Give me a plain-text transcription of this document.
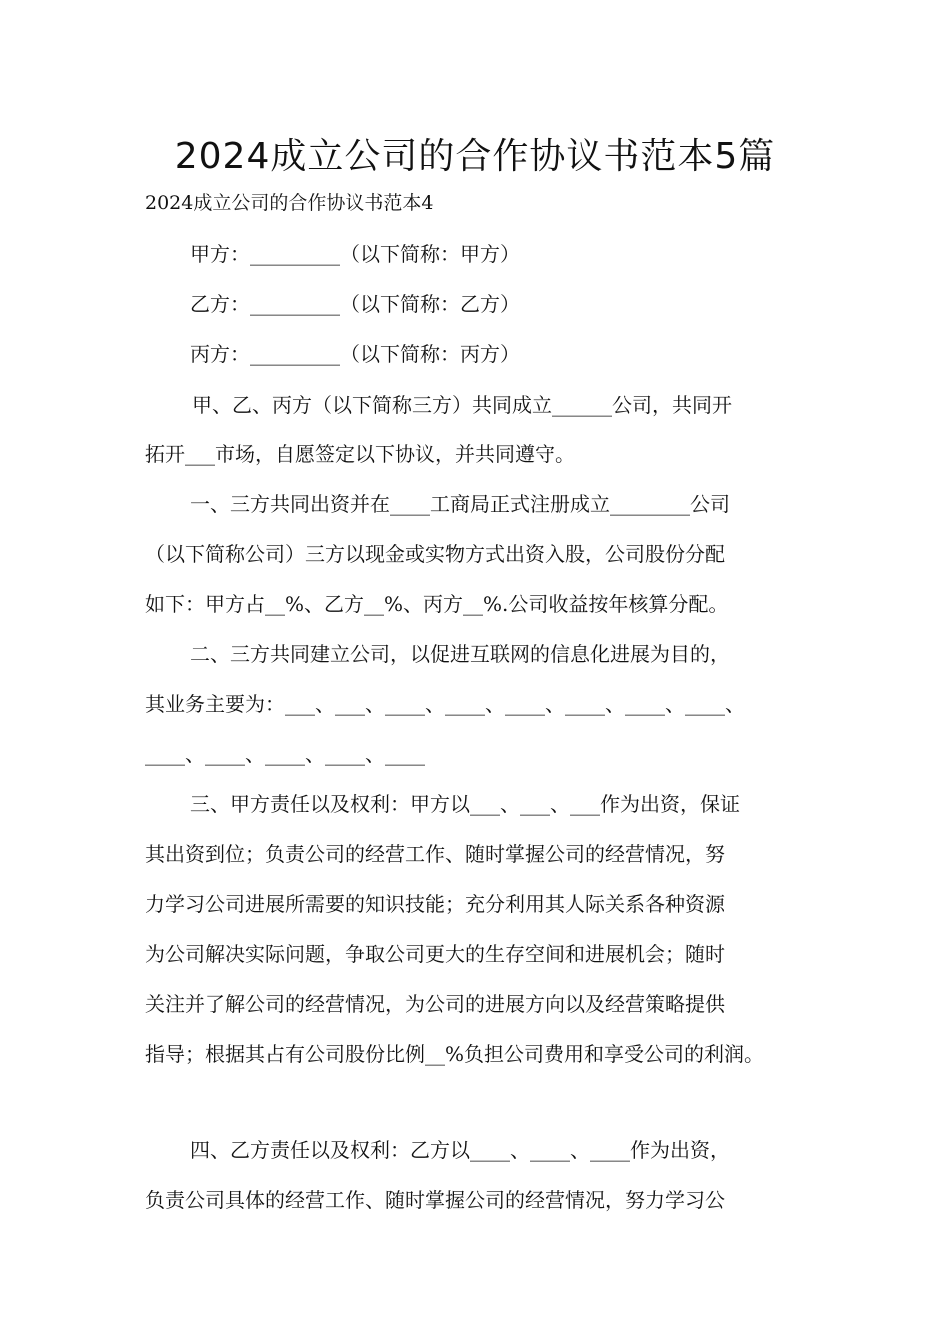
2024成立公司的合作协议书范本5篇
2024成立公司的合作协议书范本4
甲方：_________（以下简称：甲方）
乙方：_________（以下简称：乙方）
丙方：_________（以下简称：丙方）
甲、乙、丙方（以下简称三方）共同成立______公司，共同开
拓开___市场，自愿签定以下协议，并共同遵守。
一、三方共同出资并在____工商局正式注册成立________公司
（以下简称公司）三方以现金或实物方式出资入股，公司股份分配
如下：甲方占__%、乙方__%、丙方__%.公司收益按年核算分配。
二、三方共同建立公司，以促进互联网的信息化进展为目的，
其业务主要为：___、___、____、____、____、____、____、____、
____、____、____、____、____
三、甲方责任以及权利：甲方以___、___、___作为出资，保证
其出资到位；负责公司的经营工作、随时掌握公司的经营情况，努
力学习公司进展所需要的知识技能；充分利用其人际关系各种资源
为公司解决实际问题，争取公司更大的生存空间和进展机会；随时
关注并了解公司的经营情况，为公司的进展方向以及经营策略提供
指导；根据其占有公司股份比例__%负担公司费用和享受公司的利润。
四、乙方责任以及权利：乙方以____、____、____作为出资，
负责公司具体的经营工作、随时掌握公司的经营情况，努力学习公
